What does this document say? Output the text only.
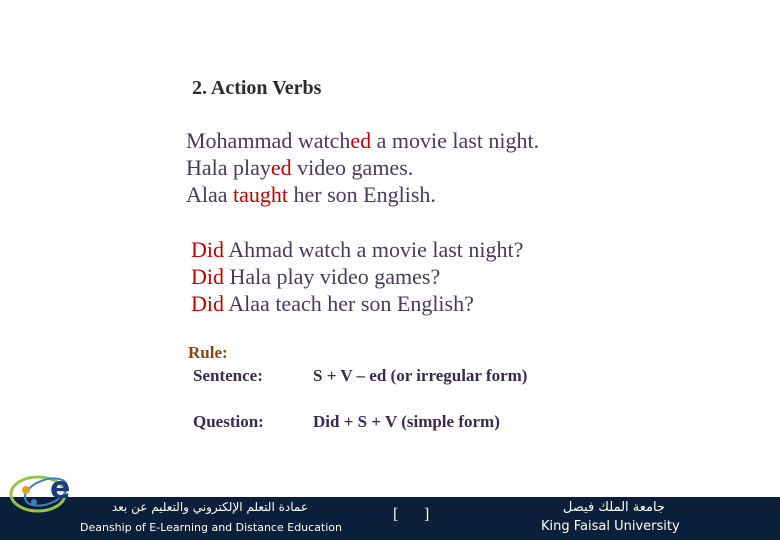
2. Action Verbs
Mohammad watched a movie last night.
Hala played video games.
Alaa taught her son English.
Did Ahmad watch a movie last night?
Did Hala play video games?
Did Alaa teach her son English?
Rule:
Sentence:	S + V – ed (or irregular form)
Question:	Did + S + V (simple form)
e
عمادة التعلم الإلكتروني والتعليم عن بعد
Deanship of E-Learning and Distance Education
[ ]	جامعة الملك فيصل
King Faisal University
